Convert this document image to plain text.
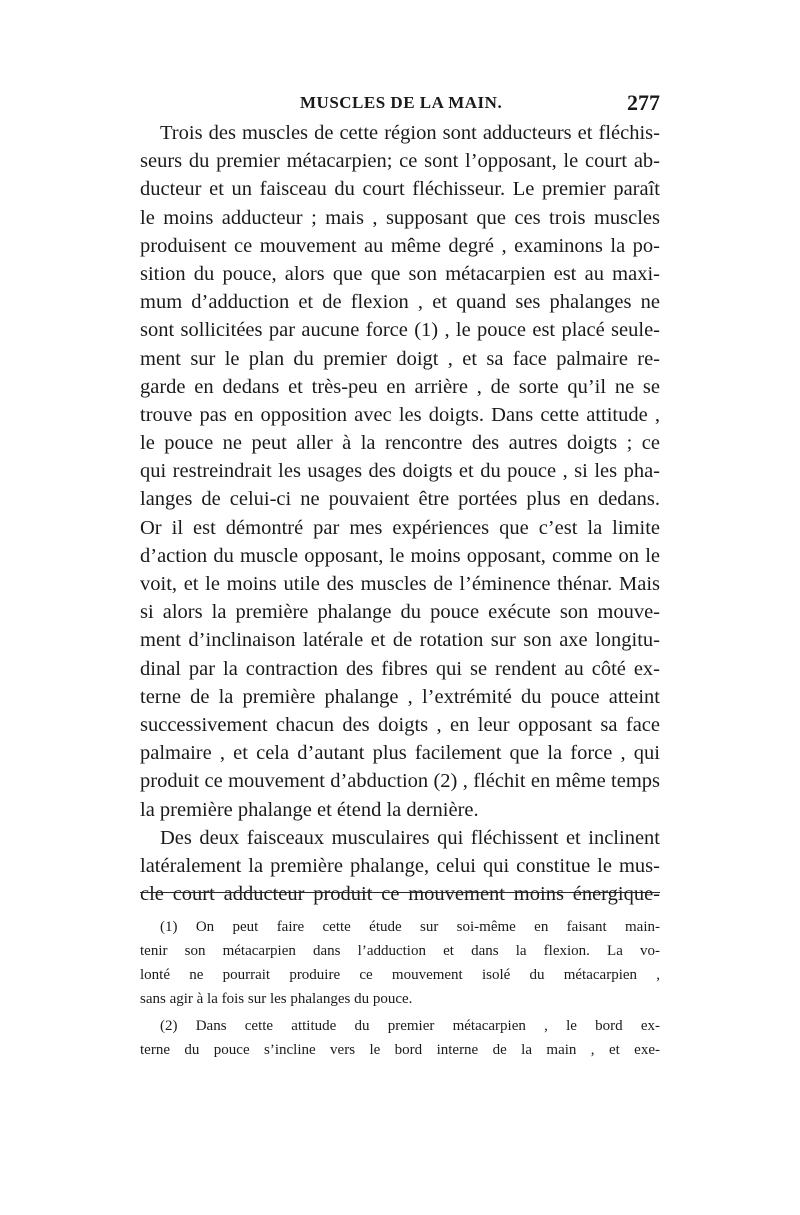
MUSCLES DE LA MAIN.	277
Trois des muscles de cette région sont adducteurs et fléchis-
seurs du premier métacarpien; ce sont l’opposant, le court ab-
ducteur et un faisceau du court fléchisseur. Le premier paraît
le moins adducteur ; mais , supposant que ces trois muscles
produisent ce mouvement au même degré , examinons la po-
sition du pouce, alors que que son métacarpien est au maxi-
mum d’adduction et de flexion , et quand ses phalanges ne
sont sollicitées par aucune force (1) , le pouce est placé seule-
ment sur le plan du premier doigt , et sa face palmaire re-
garde en dedans et très-peu en arrière , de sorte qu’il ne se
trouve pas en opposition avec les doigts. Dans cette attitude ,
le pouce ne peut aller à la rencontre des autres doigts ; ce
qui restreindrait les usages des doigts et du pouce , si les pha-
langes de celui-ci ne pouvaient être portées plus en dedans.
Or il est démontré par mes expériences que c’est la limite
d’action du muscle opposant, le moins opposant, comme on le
voit, et le moins utile des muscles de l’éminence thénar. Mais
si alors la première phalange du pouce exécute son mouve-
ment d’inclinaison latérale et de rotation sur son axe longitu-
dinal par la contraction des fibres qui se rendent au côté ex-
terne de la première phalange , l’extrémité du pouce atteint
successivement chacun des doigts , en leur opposant sa face
palmaire , et cela d’autant plus facilement que la force , qui
produit ce mouvement d’abduction (2) , fléchit en même temps
la première phalange et étend la dernière.
Des deux faisceaux musculaires qui fléchissent et inclinent
latéralement la première phalange, celui qui constitue le mus-
cle court adducteur produit ce mouvement moins énergique-
(1) On peut faire cette étude sur soi-même en faisant main-
tenir son métacarpien dans l’adduction et dans la flexion. La vo-
lonté ne pourrait produire ce mouvement isolé du métacarpien ,
sans agir à la fois sur les phalanges du pouce.
(2) Dans cette attitude du premier métacarpien , le bord ex-
terne du pouce s’incline vers le bord interne de la main , et exe-
